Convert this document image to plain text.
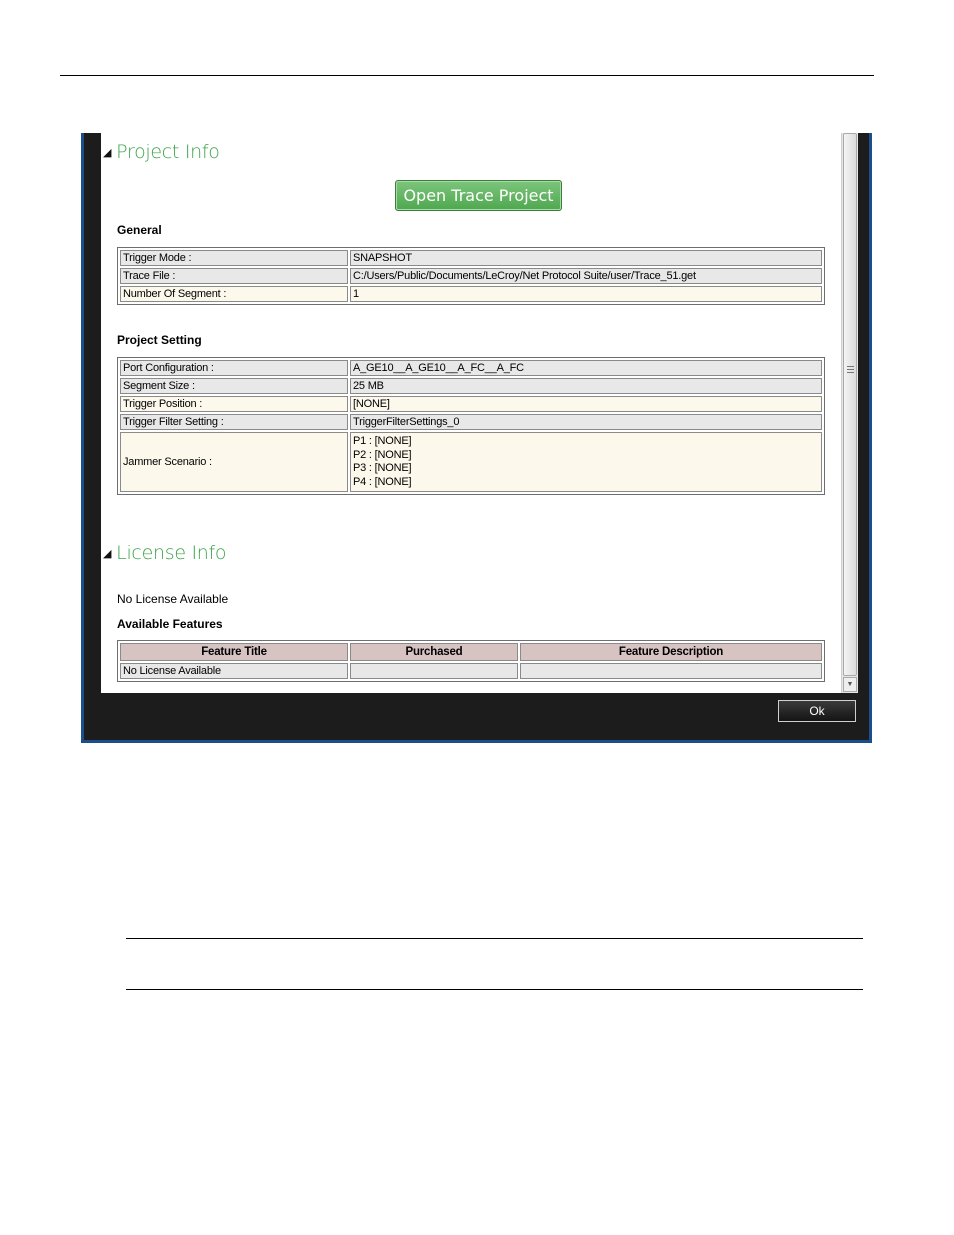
◢ Project Info
Open Trace Project
General
Trigger Mode :	SNAPSHOT
Trace File :	C:/Users/Public/Documents/LeCroy/Net Protocol Suite/user/Trace_51.get
Number Of Segment :	1
Project Setting
Port Configuration :	A_GE10__A_GE10__A_FC__A_FC
Segment Size :	25 MB
Trigger Position :	[NONE]
Trigger Filter Setting :	TriggerFilterSettings_0
Jammer Scenario :	P1 : [NONE]
P2 : [NONE]
P3 : [NONE]
P4 : [NONE]
◢ License Info
No License Available
Available Features
Feature Title	Purchased	Feature Description
No License Available		
▼
Ok
